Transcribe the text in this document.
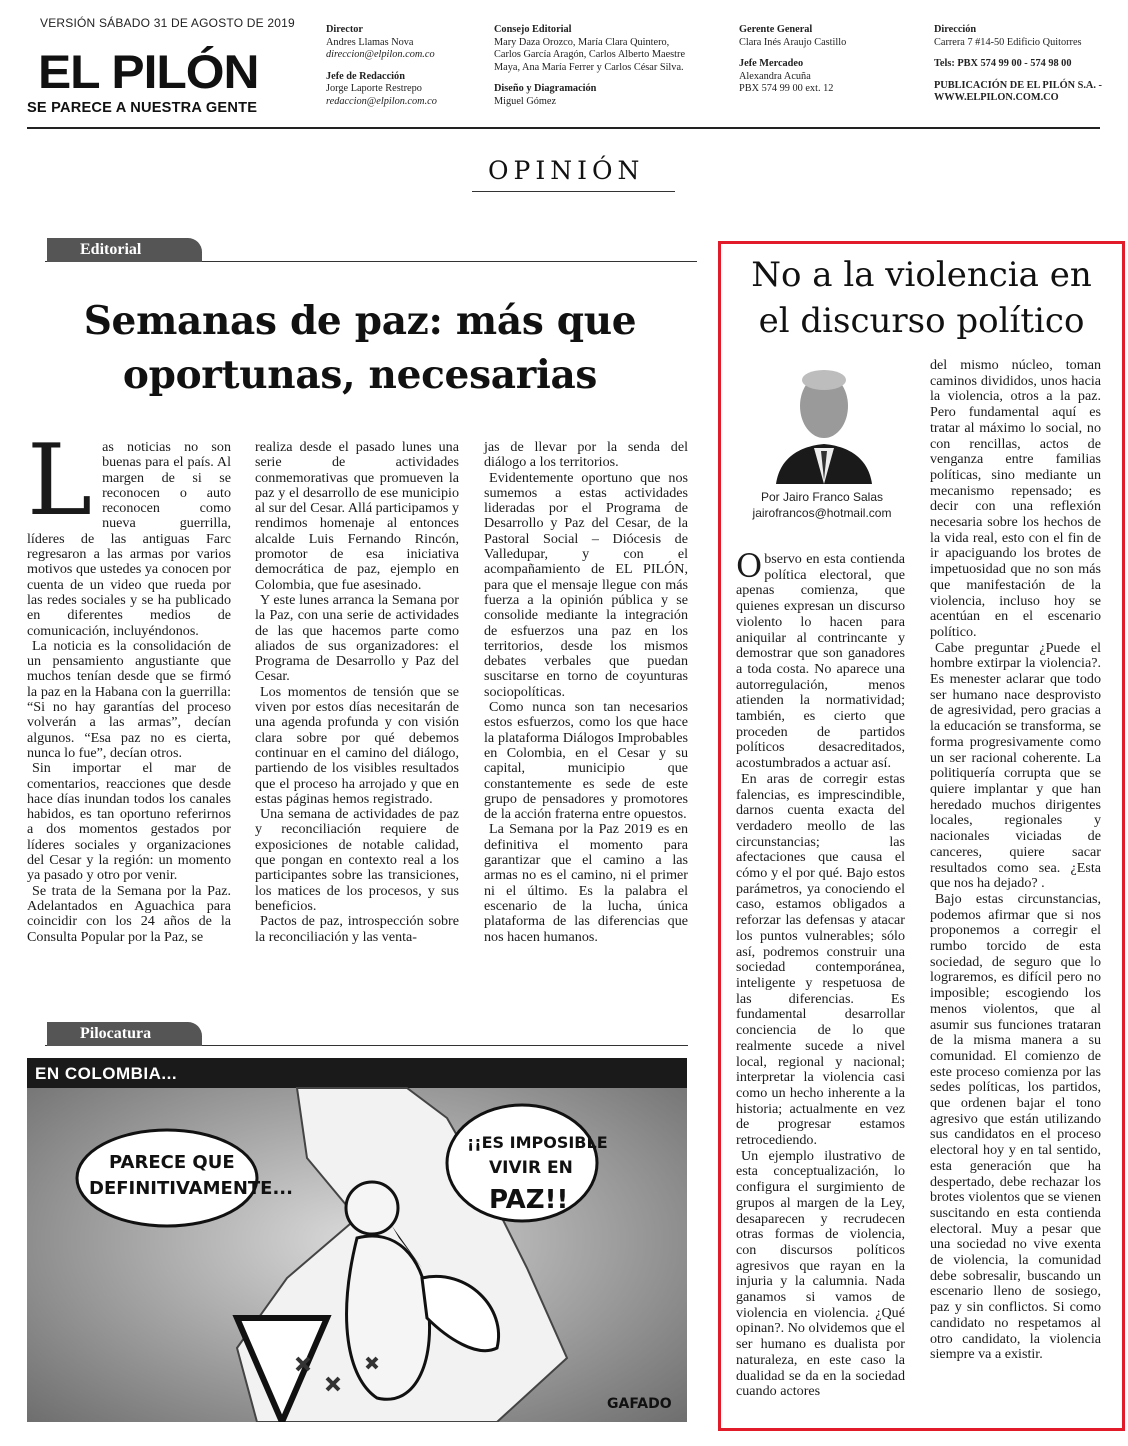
VERSIÓN SÁBADO 31 DE AGOSTO DE 2019
EL PILÓN
SE PARECE A NUESTRA GENTE
Director
Andres Llamas Nova
direccion@elpilon.com.co
Jefe de Redacción
Jorge Laporte Restrepo
redaccion@elpilon.com.co
Consejo Editorial
Mary Daza Orozco, María Clara Quintero,
Carlos García Aragón, Carlos Alberto Maestre
Maya, Ana María Ferrer y Carlos César Silva.
Diseño y Diagramación
Miguel Gómez
Gerente General
Clara Inés Araujo Castillo
Jefe Mercadeo
Alexandra Acuña
PBX 574 99 00 ext. 12
Dirección
Carrera 7 #14-50 Edificio Quitorres
Tels: PBX 574 99 00 - 574 98 00
PUBLICACIÓN DE EL PILÓN S.A. -
WWW.ELPILON.COM.CO
OPINIÓN
Editorial
Semanas de paz: más que
oportunas, necesarias
L as noticias no son buenas para el país. Al margen de si se reconocen o auto reconocen como nueva guerrilla, líderes de las antiguas Farc regresaron a las armas por varios motivos que ustedes ya conocen por cuenta de un video que rueda por las redes sociales y se ha publicado en diferentes medios de comunicación, incluyéndonos.

La noticia es la consolidación de un pensamiento angustiante que muchos tenían desde que se firmó la paz en la Habana con la guerrilla: “Si no hay garantías del proceso volverán a las armas”, decían algunos. “Esa paz no es cierta, nunca lo fue”, decían otros.

Sin importar el mar de comentarios, reacciones que desde hace días inundan todos los canales habidos, es tan oportuno referirnos a dos momentos gestados por líderes sociales y organizaciones del Cesar y la región: un momento ya pasado y otro por venir.

Se trata de la Semana por la Paz. Adelantados en Aguachica para coincidir con los 24 años de la Consulta Popular por la Paz, se

realiza desde el pasado lunes una serie de actividades conmemorativas que promueven la paz y el desarrollo de ese municipio al sur del Cesar. Allá participamos y rendimos homenaje al entonces alcalde Luis Fernando Rincón, promotor de esa iniciativa democrática de paz, ejemplo en Colombia, que fue asesinado.

Y este lunes arranca la Semana por la Paz, con una serie de actividades de las que hacemos parte como aliados de sus organizadores: el Programa de Desarrollo y Paz del Cesar.

Los momentos de tensión que se viven por estos días necesitarán de una agenda profunda y con visión clara sobre por qué debemos continuar en el camino del diálogo, partiendo de los visibles resultados que el proceso ha arrojado y que en estas páginas hemos registrado.

Una semana de actividades de paz y reconciliación requiere de exposiciones de notable calidad, que pongan en contexto real a los participantes sobre las transiciones, los matices de los procesos, y sus beneficios.

Pactos de paz, introspección sobre la reconciliación y las venta-

jas de llevar por la senda del diálogo a los territorios.

Evidentemente oportuno que nos sumemos a estas actividades lideradas por el Programa de Desarrollo y Paz del Cesar, de la Pastoral Social – Diócesis de Valledupar, y con el acompañamiento de EL PILÓN, para que el mensaje llegue con más fuerza a la opinión pública y se consolide mediante la integración de esfuerzos una paz en los territorios, desde los mismos debates verbales que puedan suscitarse en torno de coyunturas sociopolíticas.

Como nunca son tan necesarios estos esfuerzos, como los que hace la plataforma Diálogos Improbables en Colombia, en el Cesar y su capital, municipio que constantemente es sede de este grupo de pensadores y promotores de la acción fraterna entre opuestos.

La Semana por la Paz 2019 es en definitiva el momento para garantizar que el camino a las armas no es el camino, ni el primer ni el último. Es la palabra el escenario de la lucha, única plataforma de las diferencias que nos hacen humanos.

Pilocatura
PARECE QUE
DEFINITIVAMENTE...
¡¡ES IMPOSIBLE
VIVIR EN
PAZ!!
GAFADO
EN COLOMBIA...
No a la violencia en
el discurso político
Por Jairo Franco Salas
jairofrancos@hotmail.com
O bservo en esta contienda política electoral, que apenas comienza, que quienes expresan un discurso violento lo hacen para aniquilar al contrincante y demostrar que son ganadores a toda costa. No aparece una autorregulación, menos atienden la normatividad; también, es cierto que proceden de partidos políticos desacreditados, acostumbrados a actuar así.

En aras de corregir estas falencias, es imprescindible, darnos cuenta exacta del verdadero meollo de las circunstancias; las afectaciones que causa el cómo y el por qué. Bajo estos parámetros, ya conociendo el caso, estamos obligados a reforzar las defensas y atacar los puntos vulnerables; sólo así, podremos construir una sociedad contemporánea, inteligente y respetuosa de las diferencias. Es fundamental desarrollar conciencia de lo que realmente sucede a nivel local, regional y nacional; interpretar la violencia casi como un hecho inherente a la historia; actualmente en vez de progresar estamos retrocediendo.

Un ejemplo ilustrativo de esta conceptualización, lo configura el surgimiento de grupos al margen de la Ley, desaparecen y recrudecen otras formas de violencia, con discursos políticos agresivos que rayan en la injuria y la calumnia. Nada ganamos si vamos de violencia en violencia. ¿Qué opinan?. No olvidemos que el ser humano es dualista por naturaleza, en este caso la dualidad se da en la sociedad cuando actores

del mismo núcleo, toman caminos divididos, unos hacia la violencia, otros a la paz. Pero fundamental aquí es tratar al máximo lo social, no con rencillas, actos de venganza entre familias políticas, sino mediante un mecanismo repensado; es decir con una reflexión necesaria sobre los hechos de la vida real, esto con el fin de ir apaciguando los brotes de impetuosidad que no son más que manifestación de la violencia, incluso hoy se acentúan en el escenario político.

Cabe preguntar ¿Puede el hombre extirpar la violencia?. Es menester aclarar que todo ser humano nace desprovisto de agresividad, pero gracias a la educación se transforma, se forma progresivamente como un ser racional coherente. La politiquería corrupta que se quiere implantar y que han heredado muchos dirigentes locales, regionales y nacionales viciadas de canceres, quiere sacar resultados como sea. ¿Esta que nos ha dejado? .

Bajo estas circunstancias, podemos afirmar que si nos proponemos a corregir el rumbo torcido de esta sociedad, de seguro que lo lograremos, es difícil pero no imposible; escogiendo los menos violentos, que al asumir sus funciones trataran de la misma manera a su comunidad. El comienzo de este proceso comienza por las sedes políticas, los partidos, que ordenen bajar el tono agresivo que están utilizando sus candidatos en el proceso electoral hoy y en tal sentido, esta generación que ha despertado, debe rechazar los brotes violentos que se vienen suscitando en esta contienda electoral. Muy a pesar que una sociedad no vive exenta de violencia, la comunidad debe sobresalir, buscando un escenario lleno de sosiego, paz y sin conflictos. Si como candidato no respetamos al otro candidato, la violencia siempre va a existir.
